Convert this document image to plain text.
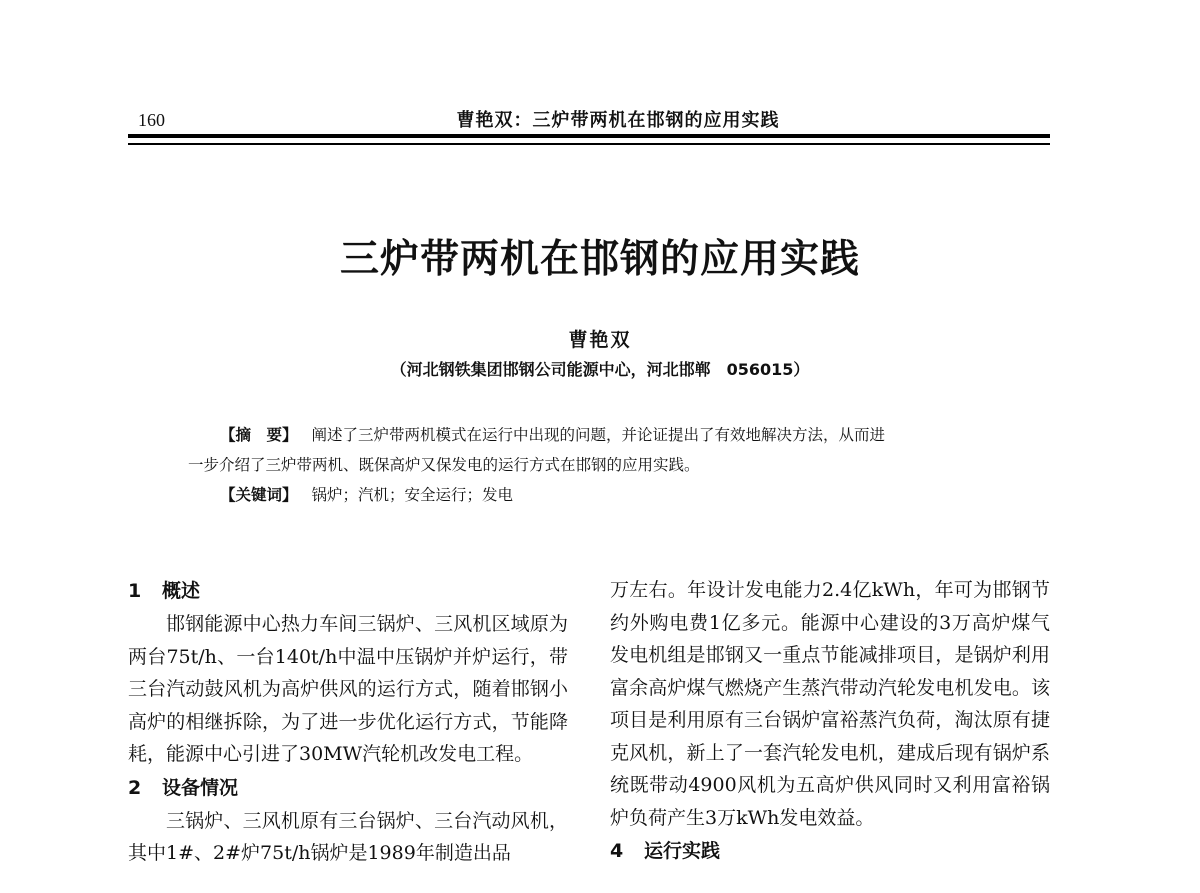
160	曹艳双：三炉带两机在邯钢的应用实践
三炉带两机在邯钢的应用实践
曹艳双
（河北钢铁集团邯钢公司能源中心，河北邯郸　056015）
【摘　要】 阐述了三炉带两机模式在运行中出现的问题，并论证提出了有效地解决方法，从而进
一步介绍了三炉带两机、既保高炉又保发电的运行方式在邯钢的应用实践。
【关键词】 锅炉；汽机；安全运行；发电
1 概述

邯钢能源中心热力车间三锅炉、三风机区域原为两台75t/h、一台140t/h中温中压锅炉并炉运行，带三台汽动鼓风机为高炉供风的运行方式，随着邯钢小高炉的相继拆除，为了进一步优化运行方式，节能降耗，能源中心引进了30MW汽轮机改发电工程。

2 设备情况

三锅炉、三风机原有三台锅炉、三台汽动风机，其中1#、2#炉75t/h锅炉是1989年制造出品

万左右。年设计发电能力2.4亿kWh，年可为邯钢节约外购电费1亿多元。能源中心建设的3万高炉煤气发电机组是邯钢又一重点节能减排项目，是锅炉利用富余高炉煤气燃烧产生蒸汽带动汽轮发电机发电。该项目是利用原有三台锅炉富裕蒸汽负荷，淘汰原有捷克风机，新上了一套汽轮发电机，建成后现有锅炉系统既带动4900风机为五高炉供风同时又利用富裕锅炉负荷产生3万kWh发电效益。

4 运行实践
